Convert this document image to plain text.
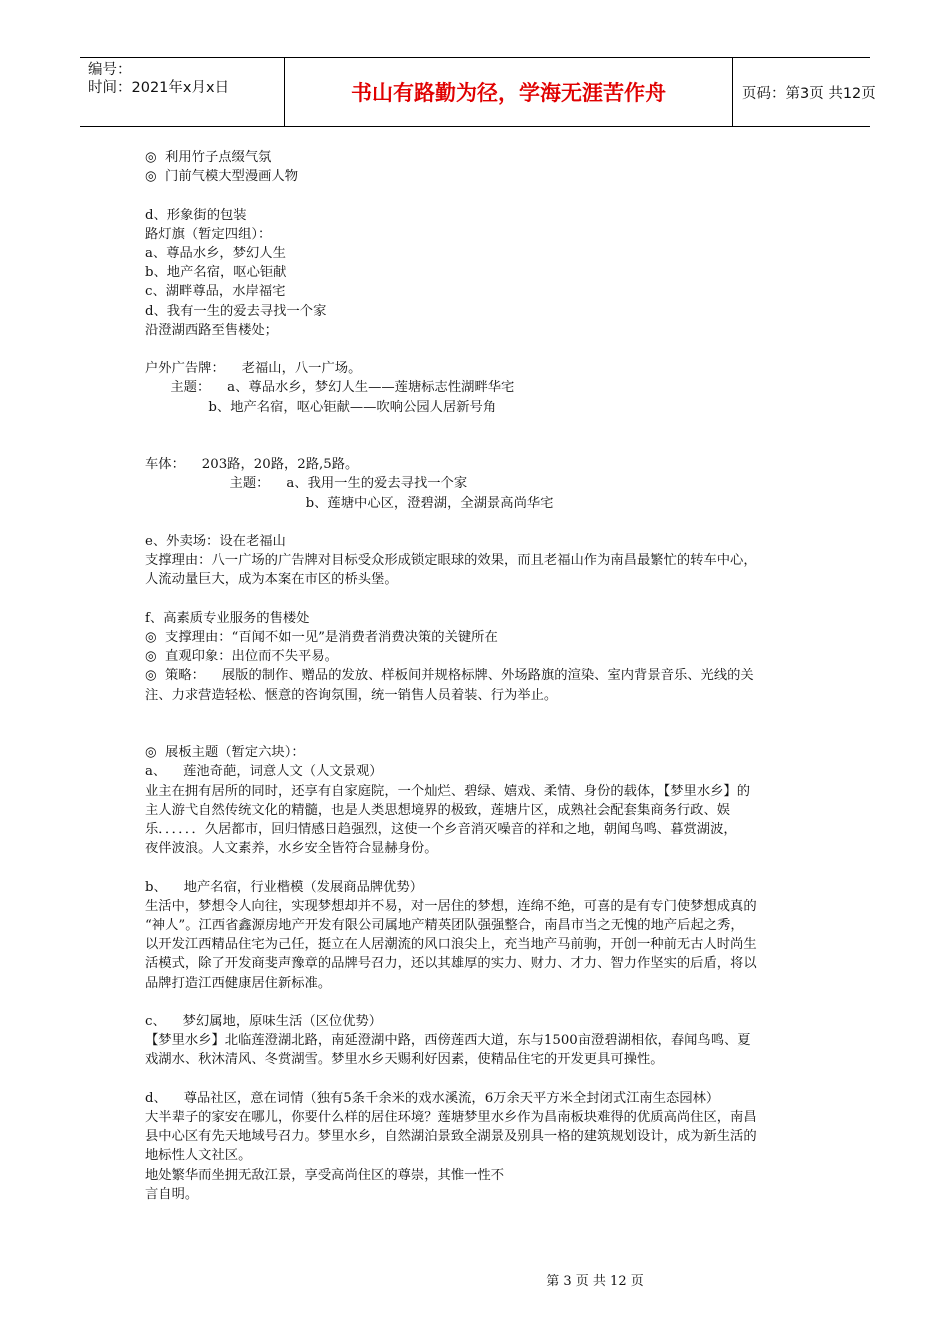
编号：
时间：2021年x月x日	书山有路勤为径，学海无涯苦作舟	页码：第3页 共12页

◎  利用竹子点缀气氛

◎  门前气模大型漫画人物

d、形象街的包装

路灯旗（暂定四组）：

a、尊品水乡，梦幻人生

b、地产名宿，呕心钜献

c、湖畔尊品，水岸福宅

d、我有一生的爱去寻找一个家

沿澄湖西路至售楼处；

户外广告牌：    老福山，八一广场。

主题：    a、尊品水乡，梦幻人生——莲塘标志性湖畔华宅

b、地产名宿，呕心钜献——吹响公园人居新号角

车体：    203路，20路，2路,5路。

主题：    a、我用一生的爱去寻找一个家

b、莲塘中心区，澄碧湖，全湖景高尚华宅

e、外卖场：设在老福山

支撑理由：八一广场的广告牌对目标受众形成锁定眼球的效果，而且老福山作为南昌最繁忙的转车中心，

人流动量巨大，成为本案在市区的桥头堡。

f、高素质专业服务的售楼处

◎  支撑理由：“百闻不如一见”是消费者消费决策的关键所在

◎  直观印象：出位而不失平易。

◎  策略：    展版的制作、赠品的发放、样板间并规格标牌、外场路旗的渲染、室内背景音乐、光线的关

注、力求营造轻松、惬意的咨询氛围，统一销售人员着装、行为举止。

◎  展板主题（暂定六块）：

a、    莲池奇葩，词意人文（人文景观）

业主在拥有居所的同时，还享有自家庭院，一个灿烂、碧绿、嬉戏、柔情、身份的载体，【梦里水乡】的

主人游弋自然传统文化的精髓，也是人类思想境界的极致，莲塘片区，成熟社会配套集商务行政、娱

乐．．．．．．久居都市，回归情感日趋强烈，这使一个乡音消灭噪音的祥和之地，朝闻鸟鸣、暮赏湖波，

夜伴波浪。人文素养，水乡安全皆符合显赫身份。

b、    地产名宿，行业楷模（发展商品牌优势）

生活中，梦想令人向往，实现梦想却并不易，对一居住的梦想，连绵不绝，可喜的是有专门使梦想成真的

“神人”。江西省鑫源房地产开发有限公司属地产精英团队强强整合，南昌市当之无愧的地产后起之秀，

以开发江西精品住宅为己任，挺立在人居潮流的风口浪尖上，充当地产马前驹，开创一种前无古人时尚生

活模式，除了开发商斐声豫章的品牌号召力，还以其雄厚的实力、财力、才力、智力作坚实的后盾，将以

品牌打造江西健康居住新标准。

c、    梦幻属地，原味生活（区位优势）

【梦里水乡】北临莲澄湖北路，南延澄湖中路，西傍莲西大道，东与1500亩澄碧湖相依，春闻鸟鸣、夏

戏湖水、秋沐清风、冬赏湖雪。梦里水乡天赐利好因素，使精品住宅的开发更具可操性。

d、    尊品社区，意在词情（独有5条千余米的戏水溪流，6万余天平方米全封闭式江南生态园林）

大半辈子的家安在哪儿，你要什么样的居住环境？莲塘梦里水乡作为昌南板块难得的优质高尚住区，南昌

县中心区有先天地域号召力。梦里水乡，自然湖泊景致全湖景及别具一格的建筑规划设计，成为新生活的

地标性人文社区。

地处繁华而坐拥无敌江景，享受高尚住区的尊崇，其惟一性不

言自明。

第 3 页 共 12 页
